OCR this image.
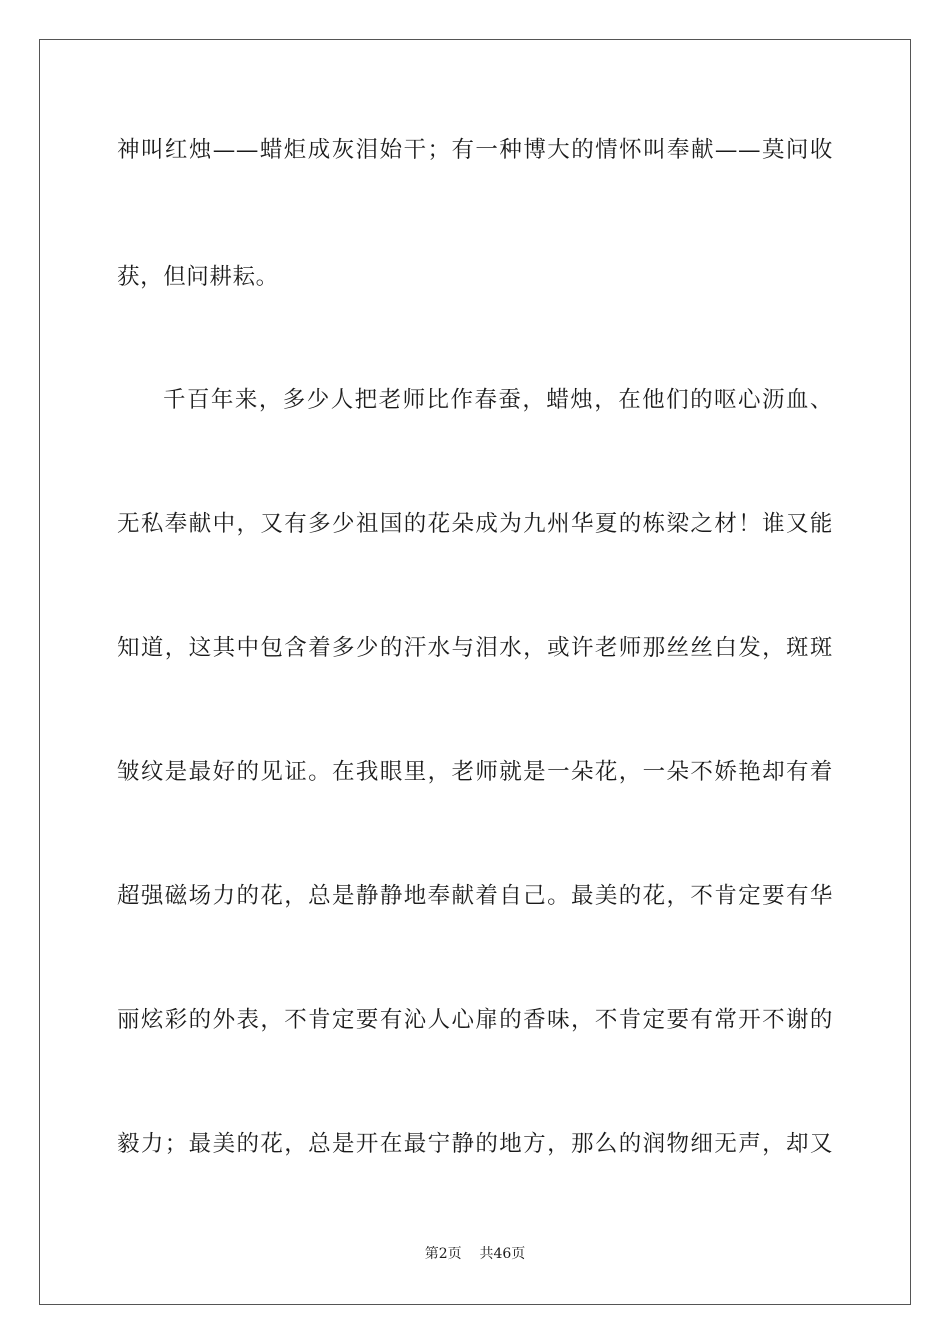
神叫红烛——蜡炬成灰泪始干；有一种博大的情怀叫奉献——莫问收
获，但问耕耘。
千百年来，多少人把老师比作春蚕，蜡烛，在他们的呕心沥血、
无私奉献中，又有多少祖国的花朵成为九州华夏的栋梁之材！谁又能
知道，这其中包含着多少的汗水与泪水，或许老师那丝丝白发，斑斑
皱纹是最好的见证。在我眼里，老师就是一朵花，一朵不娇艳却有着
超强磁场力的花，总是静静地奉献着自己。最美的花，不肯定要有华
丽炫彩的外表，不肯定要有沁人心扉的香味，不肯定要有常开不谢的
毅力；最美的花，总是开在最宁静的地方，那么的润物细无声，却又
第2页 共46页
